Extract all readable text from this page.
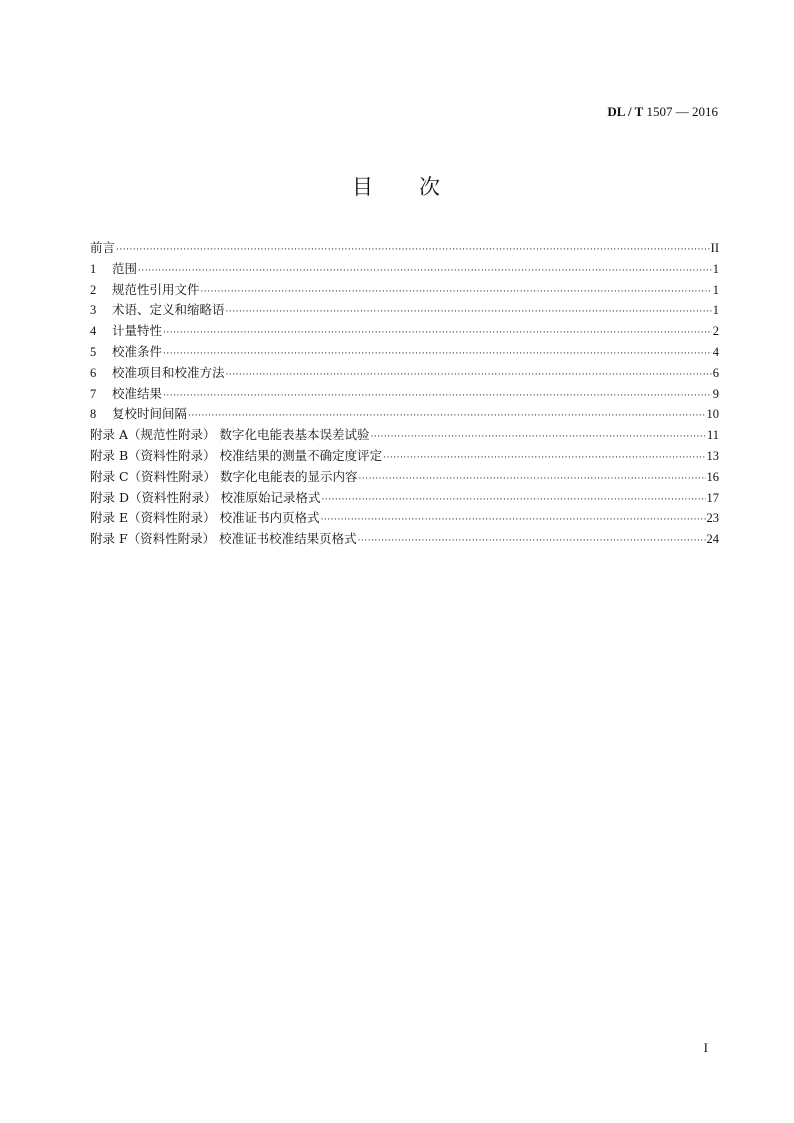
DL / T 1507 — 2016
目 次
前言 ·····	II
1	范围 ·····	1
2	规范性引用文件 ·····	1
3	术语、定义和缩略语 ·····	1
4	计量特性 ·····	2
5	校准条件 ·····	4
6	校准项目和校准方法 ·····	6
7	校准结果 ·····	9
8	复校时间间隔 ·····	10
附录 A（规范性附录） 数字化电能表基本误差试验 ·····	11
附录 B（资料性附录） 校准结果的测量不确定度评定 ·····	13
附录 C（资料性附录） 数字化电能表的显示内容 ·····	16
附录 D（资料性附录） 校准原始记录格式 ·····	17
附录 E（资料性附录） 校准证书内页格式 ·····	23
附录 F（资料性附录） 校准证书校准结果页格式 ·····	24
I
